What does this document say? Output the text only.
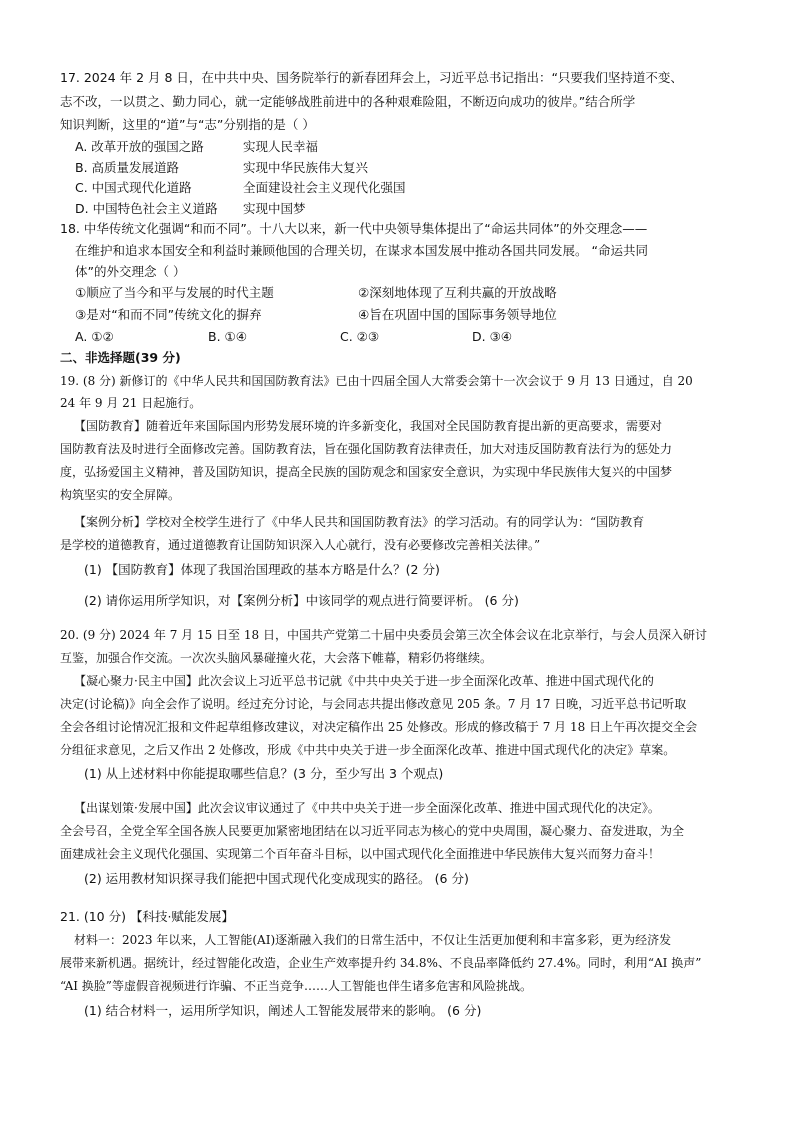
17. 2024 年 2 月 8 日，在中共中央、国务院举行的新春团拜会上，习近平总书记指出：“只要我们坚持道不变、
志不改，一以贯之、勤力同心，就一定能够战胜前进中的各种艰难险阻，不断迈向成功的彼岸。”结合所学
知识判断，这里的“道”与“志”分别指的是（ ）
A. 改革开放的强国之路	实现人民幸福
B. 高质量发展道路	实现中华民族伟大复兴
C. 中国式现代化道路	全面建设社会主义现代化强国
D. 中国特色社会主义道路 实现中国梦
18. 中华传统文化强调“和而不同”。十八大以来，新一代中央领导集体提出了“命运共同体”的外交理念——
在维护和追求本国安全和利益时兼顾他国的合理关切，在谋求本国发展中推动各国共同发展。 “命运共同
体”的外交理念（ ）
①顺应了当今和平与发展的时代主题	②深刻地体现了互利共赢的开放战略
③是对“和而不同”传统文化的摒弃	④旨在巩固中国的国际事务领导地位
A. ①②	B. ①④	C. ②③	D. ③④
二、非选择题(39 分)
19. (8 分) 新修订的《中华人民共和国国防教育法》已由十四届全国人大常委会第十一次会议于 9 月 13 日通过，自 20
24 年 9 月 21 日起施行。
【国防教育】随着近年来国际国内形势发展环境的许多新变化，我国对全民国防教育提出新的更高要求，需要对
国防教育法及时进行全面修改完善。国防教育法，旨在强化国防教育法律责任，加大对违反国防教育法行为的惩处力
度，弘扬爱国主义精神，普及国防知识，提高全民族的国防观念和国家安全意识，为实现中华民族伟大复兴的中国梦
构筑坚实的安全屏障。
【案例分析】学校对全校学生进行了《中华人民共和国国防教育法》的学习活动。有的同学认为：“国防教育
是学校的道德教育，通过道德教育让国防知识深入人心就行，没有必要修改完善相关法律。”
(1) 【国防教育】体现了我国治国理政的基本方略是什么？(2 分)
(2) 请你运用所学知识，对【案例分析】中该同学的观点进行简要评析。 (6 分)
20. (9 分) 2024 年 7 月 15 日至 18 日，中国共产党第二十届中央委员会第三次全体会议在北京举行，与会人员深入研讨
互鉴，加强合作交流。一次次头脑风暴碰撞火花，大会落下帷幕，精彩仍将继续。
【凝心聚力·民主中国】此次会议上习近平总书记就《中共中央关于进一步全面深化改革、推进中国式现代化的
决定(讨论稿)》向全会作了说明。经过充分讨论，与会同志共提出修改意见 205 条。7 月 17 日晚，习近平总书记听取
全会各组讨论情况汇报和文件起草组修改建议，对决定稿作出 25 处修改。形成的修改稿于 7 月 18 日上午再次提交全会
分组征求意见，之后又作出 2 处修改，形成《中共中央关于进一步全面深化改革、推进中国式现代化的决定》草案。
(1) 从上述材料中你能提取哪些信息？(3 分，至少写出 3 个观点)
【出谋划策·发展中国】此次会议审议通过了《中共中央关于进一步全面深化改革、推进中国式现代化的决定》。
全会号召，全党全军全国各族人民要更加紧密地团结在以习近平同志为核心的党中央周围，凝心聚力、奋发进取，为全
面建成社会主义现代化强国、实现第二个百年奋斗目标，以中国式现代化全面推进中华民族伟大复兴而努力奋斗！
(2) 运用教材知识探寻我们能把中国式现代化变成现实的路径。 (6 分)
21. (10 分) 【科技·赋能发展】
材料一：2023 年以来，人工智能(AI)逐渐融入我们的日常生活中，不仅让生活更加便利和丰富多彩，更为经济发
展带来新机遇。据统计，经过智能化改造，企业生产效率提升约 34.8%、不良品率降低约 27.4%。同时，利用“AI 换声”
“AI 换脸”等虚假音视频进行诈骗、不正当竞争……人工智能也伴生诸多危害和风险挑战。
(1) 结合材料一，运用所学知识，阐述人工智能发展带来的影响。 (6 分)
